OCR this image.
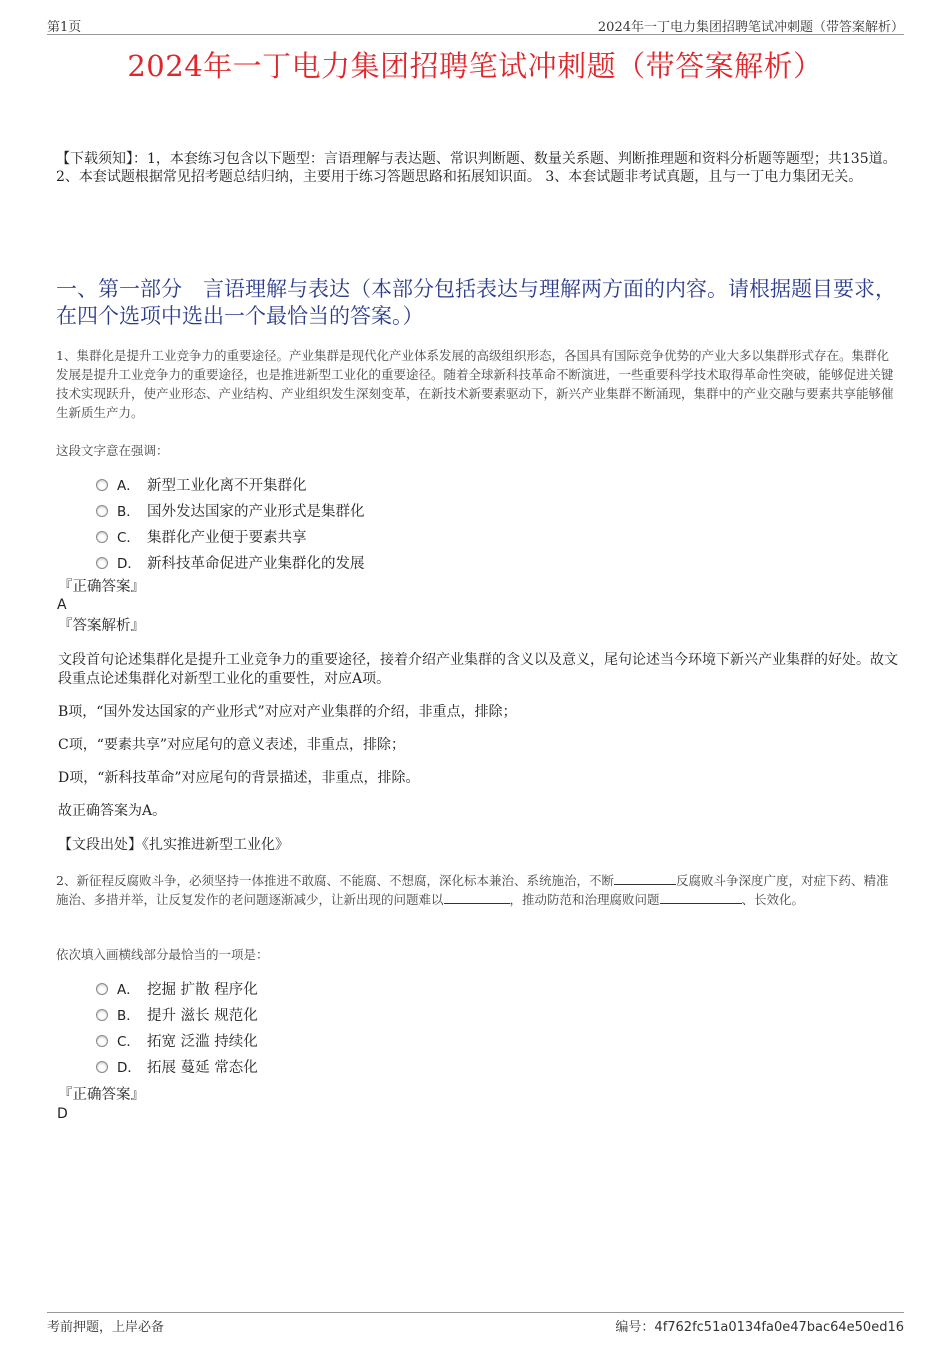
第1页	2024年一丁电力集团招聘笔试冲刺题（带答案解析）
2024年一丁电力集团招聘笔试冲刺题（带答案解析）
【下载须知】：1，本套练习包含以下题型：言语理解与表达题、常识判断题、数量关系题、判断推理题和资料分析题等题型；共135道。 2、本套试题根据常见招考题总结归纳，主要用于练习答题思路和拓展知识面。 3、本套试题非考试真题，且与一丁电力集团无关。
一、第一部分　言语理解与表达（本部分包括表达与理解两方面的内容。请根据题目要求，在四个选项中选出一个最恰当的答案。）
1、集群化是提升工业竞争力的重要途径。产业集群是现代化产业体系发展的高级组织形态，各国具有国际竞争优势的产业大多以集群形式存在。集群化发展是提升工业竞争力的重要途径，也是推进新型工业化的重要途径。随着全球新科技革命不断演进，一些重要科学技术取得革命性突破，能够促进关键技术实现跃升，使产业形态、产业结构、产业组织发生深刻变革，在新技术新要素驱动下，新兴产业集群不断涌现，集群中的产业交融与要素共享能够催生新质生产力。
这段文字意在强调：
A． 新型工业化离不开集群化
B． 国外发达国家的产业形式是集群化
C． 集群化产业便于要素共享
D． 新科技革命促进产业集群化的发展
『正确答案』
A
『答案解析』
文段首句论述集群化是提升工业竞争力的重要途径，接着介绍产业集群的含义以及意义，尾句论述当今环境下新兴产业集群的好处。故文段重点论述集群化对新型工业化的重要性，对应A项。
B项，“国外发达国家的产业形式”对应对产业集群的介绍，非重点，排除；
C项，“要素共享”对应尾句的意义表述，非重点，排除；
D项，“新科技革命”对应尾句的背景描述，非重点，排除。
故正确答案为A。
【文段出处】《扎实推进新型工业化》
2、新征程反腐败斗争，必须坚持一体推进不敢腐、不能腐、不想腐，深化标本兼治、系统施治，不断	反腐败斗争深度广度，对症下药、精准施治、多措并举，让反复发作的老问题逐渐减少，让新出现的问题难以	，推动防范和治理腐败问题	、长效化。
依次填入画横线部分最恰当的一项是：
A． 挖掘 扩散 程序化
B． 提升 滋长 规范化
C． 拓宽 泛滥 持续化
D． 拓展 蔓延 常态化
『正确答案』
D
考前押题，上岸必备	编号：4f762fc51a0134fa0e47bac64e50ed16
